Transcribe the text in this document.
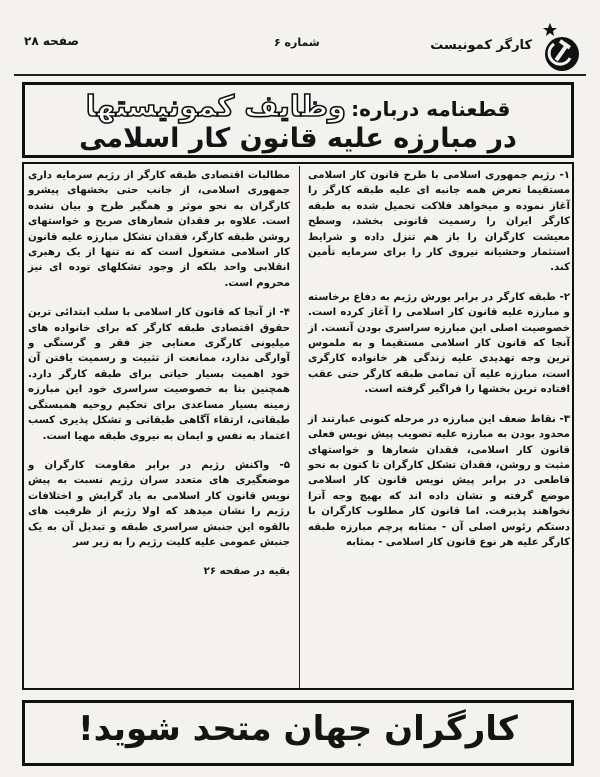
کارگر کمونیست
شماره ۶
صفحه ۲۸
قطعنامه درباره: وظایف کمونیستها
در مبارزه علیه قانون کار اسلامی

۱- رژیم جمهوری اسلامی با طرح قانون کار اسلامی مستقیما تعرض همه جانبه ای علیه طبقه کارگر را آغاز نموده و میخواهد فلاکت تحمیل شده به طبقه کارگر ایران را رسمیت قانونی بخشد، وسطح معیشت کارگران را باز هم تنزل داده و شرایط استثمار وحشیانه نیروی کار را برای سرمایه تأمین کند.

۲- طبقه کارگر در برابر یورش رژیم به دفاع برخاسته و مبارزه علیه قانون کار اسلامی را آغاز کرده است. خصوصیت اصلی این مبارزه سراسری بودن آنست. از آنجا که قانون کار اسلامی مستقیما و به ملموس ترین وجه تهدیدی علیه زندگی هر خانواده کارگری است، مبارزه علیه آن تمامی طبقه کارگر حتی عقب افتاده ترین بخشها را فراگیر گرفته است.

۳- نقاط ضعف این مبارزه در مرحله کنونی عبارتند از محدود بودن به مبارزه علیه تصویب پیش نویس فعلی قانون کار اسلامی، فقدان شعارها و خواستهای مثبت و روشن، فقدان تشکل کارگران تا کنون به نحو قاطعی در برابر پیش نویس قانون کار اسلامی موضع گرفته و نشان داده اند که بهیچ وجه آنرا نخواهند پذیرفت. اما قانون کار مطلوب کارگران با دستکم رئوس اصلی آن - بمثابه پرچم مبارزه طبقه کارگر علیه هر نوع قانون کار اسلامی - بمثابه

مطالبات اقتصادی طبقه کارگر از رژیم سرمایه داری جمهوری اسلامی، از جانب حتی بخشهای پیشرو کارگران به نحو موثر و همگیر طرح و بیان نشده است. علاوه بر فقدان شعارهای صریح و خواستهای روشن طبقه کارگر، فقدان تشکل مبارزه علیه قانون کار اسلامی مشغول است که نه تنها از یک رهبری انقلابی واحد بلکه از وجود تشکلهای توده ای نیز محروم است.

۴- از آنجا که قانون کار اسلامی با سلب ابتدائی ترین حقوق اقتصادی طبقه کارگر که برای خانواده های میلیونی کارگری معنایی جز فقر و گرسنگی و آوارگی ندارد، ممانعت از تثبیت و رسمیت یافتن آن خود اهمیت بسیار حیاتی برای طبقه کارگر دارد. همچنین بنا به خصوصیت سراسری خود این مبارزه زمینه بسیار مساعدی برای تحکیم روحیه همبستگی طبقاتی، ارتقاء آگاهی طبقاتی و تشکل پذیری کسب اعتماد به نفس و ایمان به نیروی طبقه مهیا است.

۵- واکنش رژیم در برابر مقاومت کارگران و موضعگیری های متعدد سران رژیم نسبت به پیش نویس قانون کار اسلامی به یاد گرایش و اختلافات رژیم را نشان میدهد که اولا رژیم از ظرفیت های بالقوه این جنبش سراسری طبقه و تبدیل آن به یک جنبش عمومی علیه کلیت رژیم را به زیر سر

بقیه در صفحه ۲۶

کارگران جهان متحد شوید!
